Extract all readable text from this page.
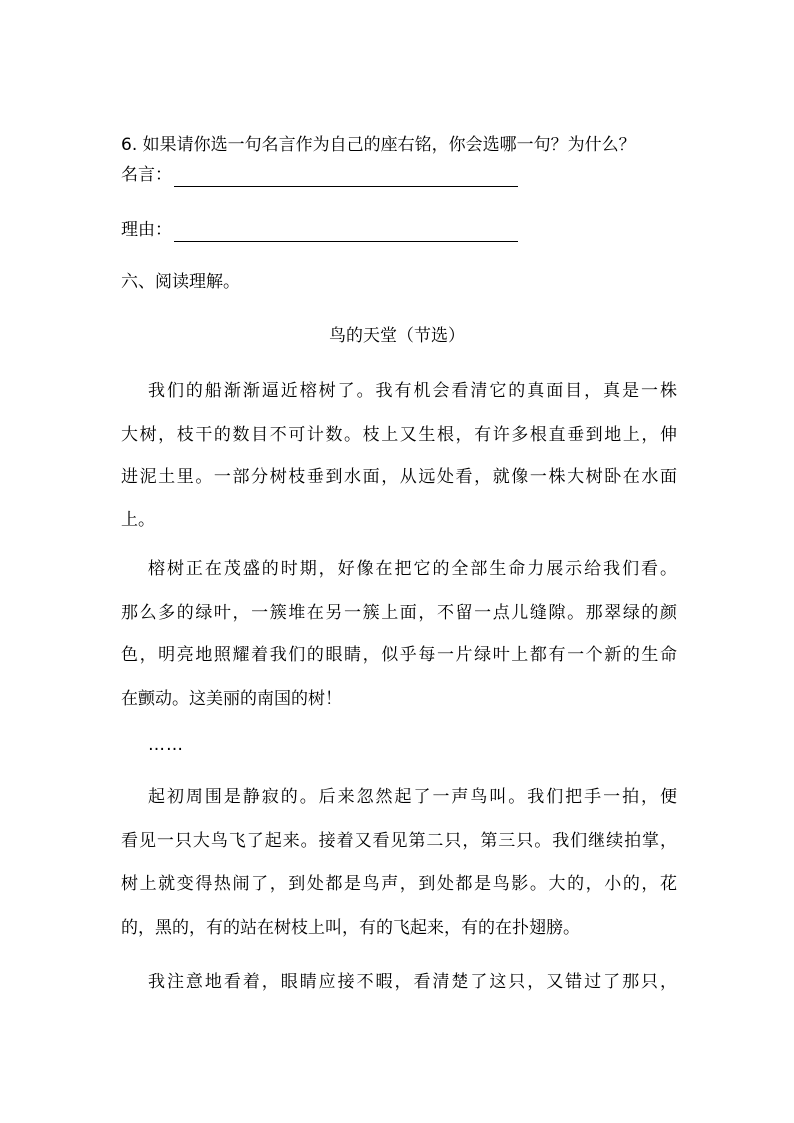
6. 如果请你选一句名言作为自己的座右铭，你会选哪一句？为什么？
名言：
理由：
六、阅读理解。
鸟的天堂（节选）
我们的船渐渐逼近榕树了。我有机会看清它的真面目，真是一株
大树，枝干的数目不可计数。枝上又生根，有许多根直垂到地上，伸
进泥土里。一部分树枝垂到水面，从远处看，就像一株大树卧在水面
上。
榕树正在茂盛的时期，好像在把它的全部生命力展示给我们看。
那么多的绿叶，一簇堆在另一簇上面，不留一点儿缝隙。那翠绿的颜
色，明亮地照耀着我们的眼睛，似乎每一片绿叶上都有一个新的生命
在颤动。这美丽的南国的树！
……
起初周围是静寂的。后来忽然起了一声鸟叫。我们把手一拍，便
看见一只大鸟飞了起来。接着又看见第二只，第三只。我们继续拍掌，
树上就变得热闹了，到处都是鸟声，到处都是鸟影。大的，小的，花
的，黑的，有的站在树枝上叫，有的飞起来，有的在扑翅膀。
我注意地看着，眼睛应接不暇，看清楚了这只，又错过了那只，
